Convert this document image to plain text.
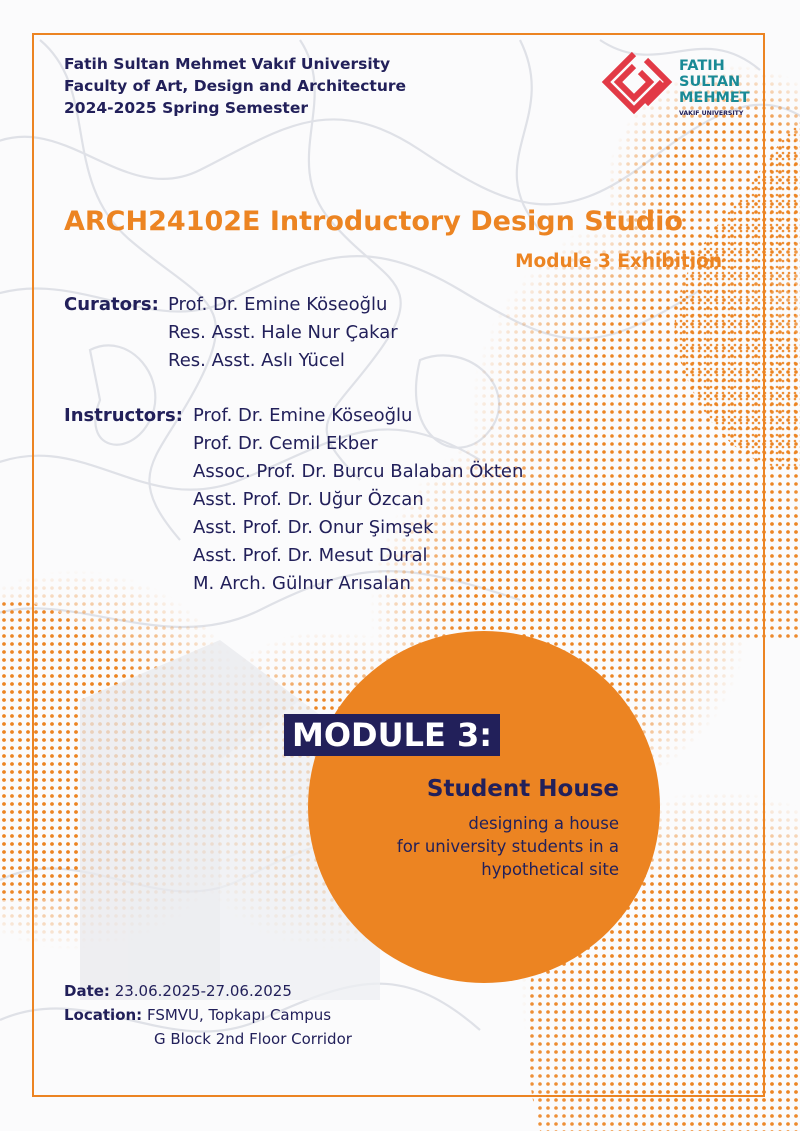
Fatih Sultan Mehmet Vakıf University
Faculty of Art, Design and Architecture
2024-2025 Spring Semester
FATIH
SULTAN
MEHMET
VAKIF UNIVERSITY
ARCH24102E Introductory Design Studio
Module 3 Exhibition
Curators: Prof. Dr. Emine Köseoğlu
Res. Asst. Hale Nur Çakar
Res. Asst. Aslı Yücel
Instructors: Prof. Dr. Emine Köseoğlu
Prof. Dr. Cemil Ekber
Assoc. Prof. Dr. Burcu Balaban Ökten
Asst. Prof. Dr. Uğur Özcan
Asst. Prof. Dr. Onur Şimşek
Asst. Prof. Dr. Mesut Dural
M. Arch. Gülnur Arısalan
MODULE 3:
Student House
designing a house
for university students in a
hypothetical site
Date: 23.06.2025-27.06.2025
Location: FSMVU, Topkapı Campus
G Block 2nd Floor Corridor
